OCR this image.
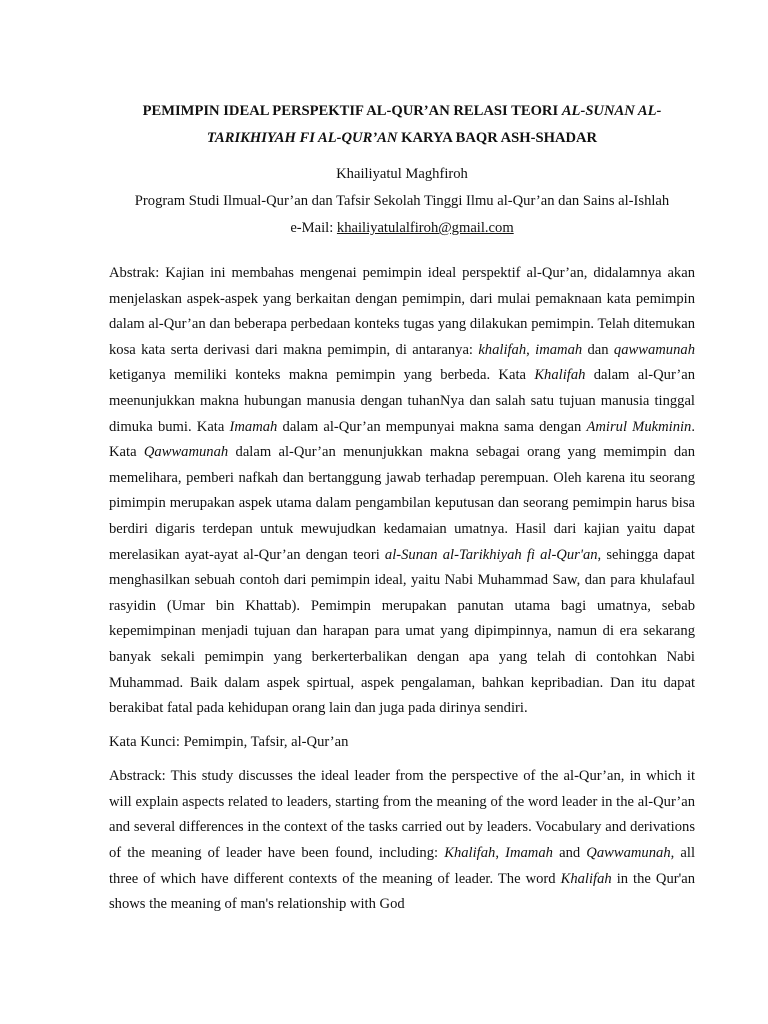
PEMIMPIN IDEAL PERSPEKTIF AL-QUR’AN RELASI TEORI AL-SUNAN AL-TARIKHIYAH FI AL-QUR’AN KARYA BAQR ASH-SHADAR

Khailiyatul Maghfiroh

Program Studi Ilmual-Qur’an dan Tafsir Sekolah Tinggi Ilmu al-Qur’an dan Sains al-Ishlah

e-Mail: khailiyatulalfiroh@gmail.com

Abstrak: Kajian ini membahas mengenai pemimpin ideal perspektif al-Qur’an, didalamnya akan menjelaskan aspek-aspek yang berkaitan dengan pemimpin, dari mulai pemaknaan kata pemimpin dalam al-Qur’an dan beberapa perbedaan konteks tugas yang dilakukan pemimpin. Telah ditemukan kosa kata serta derivasi dari makna pemimpin, di antaranya: khalifah, imamah dan qawwamunah ketiganya memiliki konteks makna pemimpin yang berbeda. Kata Khalifah dalam al-Qur’an meenunjukkan makna hubungan manusia dengan tuhanNya dan salah satu tujuan manusia tinggal dimuka bumi. Kata Imamah dalam al-Qur’an mempunyai makna sama dengan Amirul Mukminin. Kata Qawwamunah dalam al-Qur’an menunjukkan makna sebagai orang yang memimpin dan memelihara, pemberi nafkah dan bertanggung jawab terhadap perempuan. Oleh karena itu seorang pimimpin merupakan aspek utama dalam pengambilan keputusan dan seorang pemimpin harus bisa berdiri digaris terdepan untuk mewujudkan kedamaian umatnya. Hasil dari kajian yaitu dapat merelasikan ayat-ayat al-Qur’an dengan teori al-Sunan al-Tarikhiyah fi al-Qur'an, sehingga dapat menghasilkan sebuah contoh dari pemimpin ideal, yaitu Nabi Muhammad Saw, dan para khulafaul rasyidin (Umar bin Khattab). Pemimpin merupakan panutan utama bagi umatnya, sebab kepemimpinan menjadi tujuan dan harapan para umat yang dipimpinnya, namun di era sekarang banyak sekali pemimpin yang berkerterbalikan dengan apa yang telah di contohkan Nabi Muhammad. Baik dalam aspek spirtual, aspek pengalaman, bahkan kepribadian. Dan itu dapat berakibat fatal pada kehidupan orang lain dan juga pada dirinya sendiri.

Kata Kunci: Pemimpin, Tafsir, al-Qur’an

Abstrack: This study discusses the ideal leader from the perspective of the al-Qur’an, in which it will explain aspects related to leaders, starting from the meaning of the word leader in the al-Qur’an and several differences in the context of the tasks carried out by leaders. Vocabulary and derivations of the meaning of leader have been found, including: Khalifah, Imamah and Qawwamunah, all three of which have different contexts of the meaning of leader. The word Khalifah in the Qur'an shows the meaning of man's relationship with God
